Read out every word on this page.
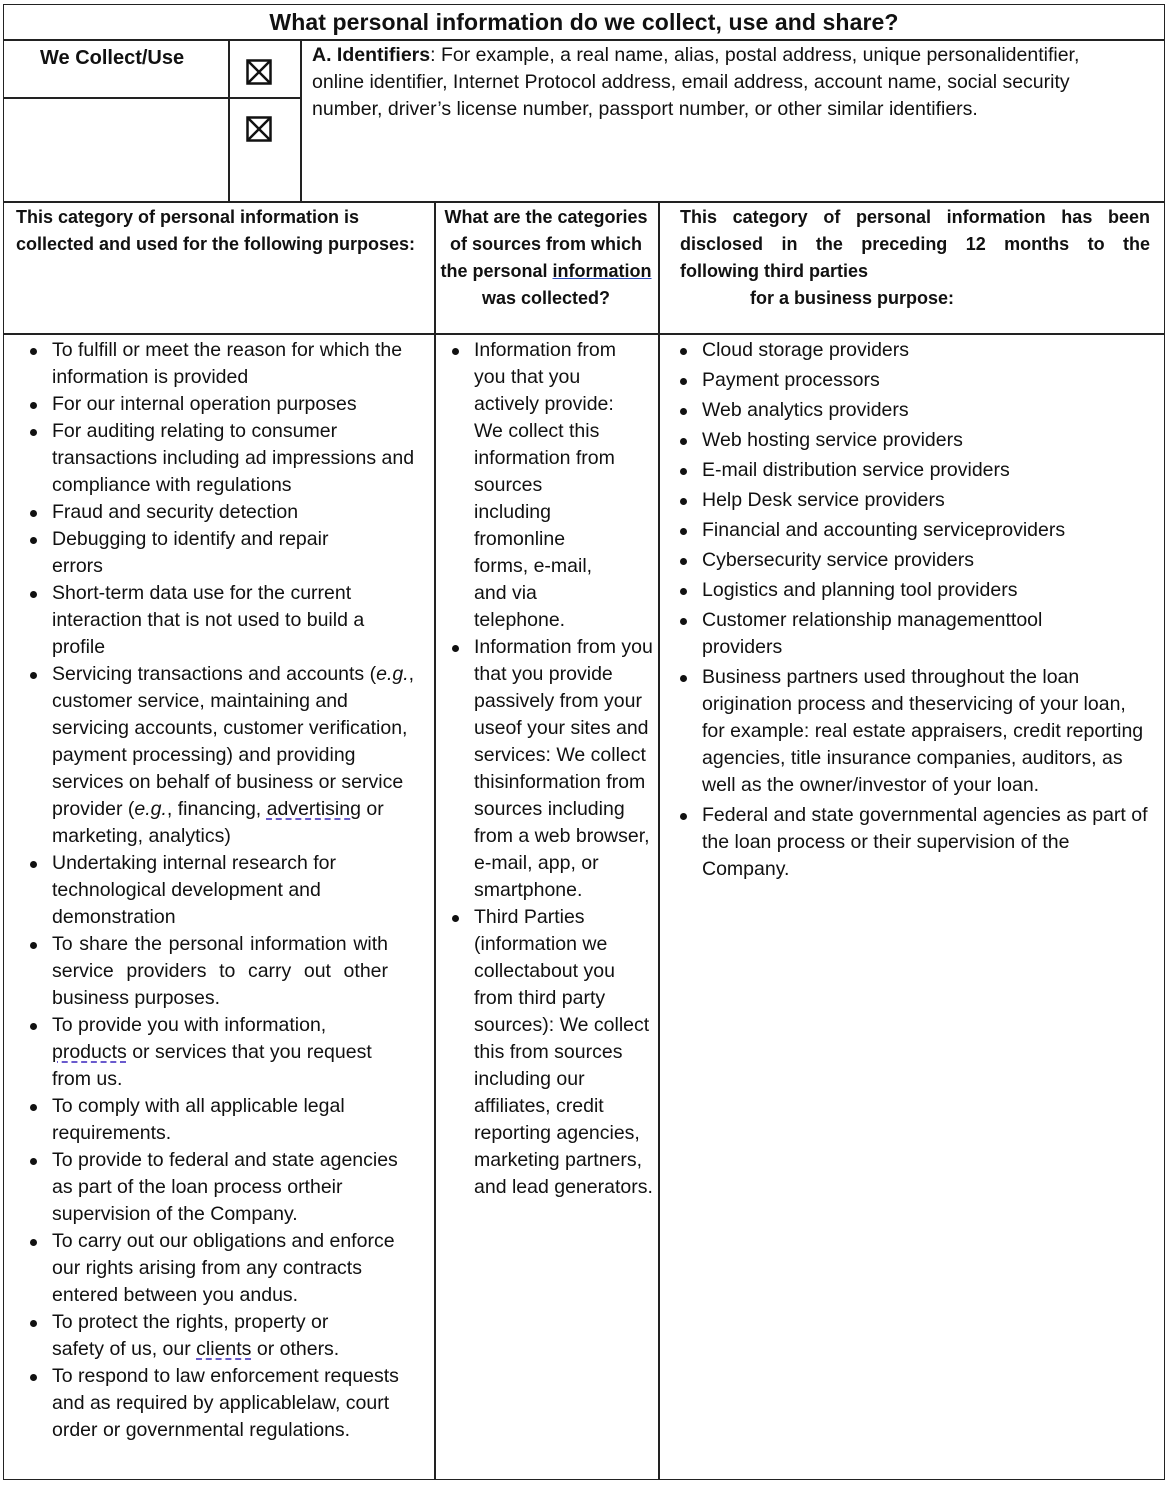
What personal information do we collect, use and share?
We Collect/Use	A. Identifiers: For example, a real name, alias, postal address, unique personalidentifier, online identifier, Internet Protocol address, email address, account name, social security number, driver’s license number, passport number, or other similar identifiers.
This category of personal information is collected and used for the following purposes:
What are the categories of sources from which the personal information was collected?
This category of personal information has been
disclosed in the preceding 12 months to the
following third parties
for a business purpose:
To fulfill or meet the reason for which the information is provided
For our internal operation purposes
For auditing relating to consumer transactions including ad impressions and compliance with regulations
Fraud and security detection
Debugging to identify and repair errors
Short-term data use for the current interaction that is not used to build a profile
Servicing transactions and accounts (e.g., customer service, maintaining and servicing accounts, customer verification, payment processing) and providing services on behalf of business or service provider (e.g., financing, advertising or marketing, analytics)
Undertaking internal research for technological development and demonstration
To share the personal information with service providers to carry out other business purposes.
To provide you with information, products or services that you request from us.
To comply with all applicable legal requirements.
To provide to federal and state agencies as part of the loan process ortheir supervision of the Company.
To carry out our obligations and enforce our rights arising from any contracts entered between you andus.
To protect the rights, property or safety of us, our clients or others.
To respond to law enforcement requests and as required by applicablelaw, court order or governmental regulations.
Information from you that you actively provide: We collect this information from sources including fromonline forms, e-mail, and via telephone.
Information from you that you provide passively from your useof your sites and services: We collect thisinformation from sources including from a web browser, e-mail, app, or smartphone.
Third Parties (information we collectabout you from third party sources): We collect this from sources including our affiliates, credit reporting agencies, marketing partners, and lead generators.
Cloud storage providers
Payment processors
Web analytics providers
Web hosting service providers
E-mail distribution service providers
Help Desk service providers
Financial and accounting serviceproviders
Cybersecurity service providers
Logistics and planning tool providers
Customer relationship managementtool providers
Business partners used throughout the loan origination process and theservicing of your loan, for example: real estate appraisers, credit reporting agencies, title insurance companies, auditors, as well as the owner/investor of your loan.
Federal and state governmental agencies as part of the loan process or their supervision of the Company.
